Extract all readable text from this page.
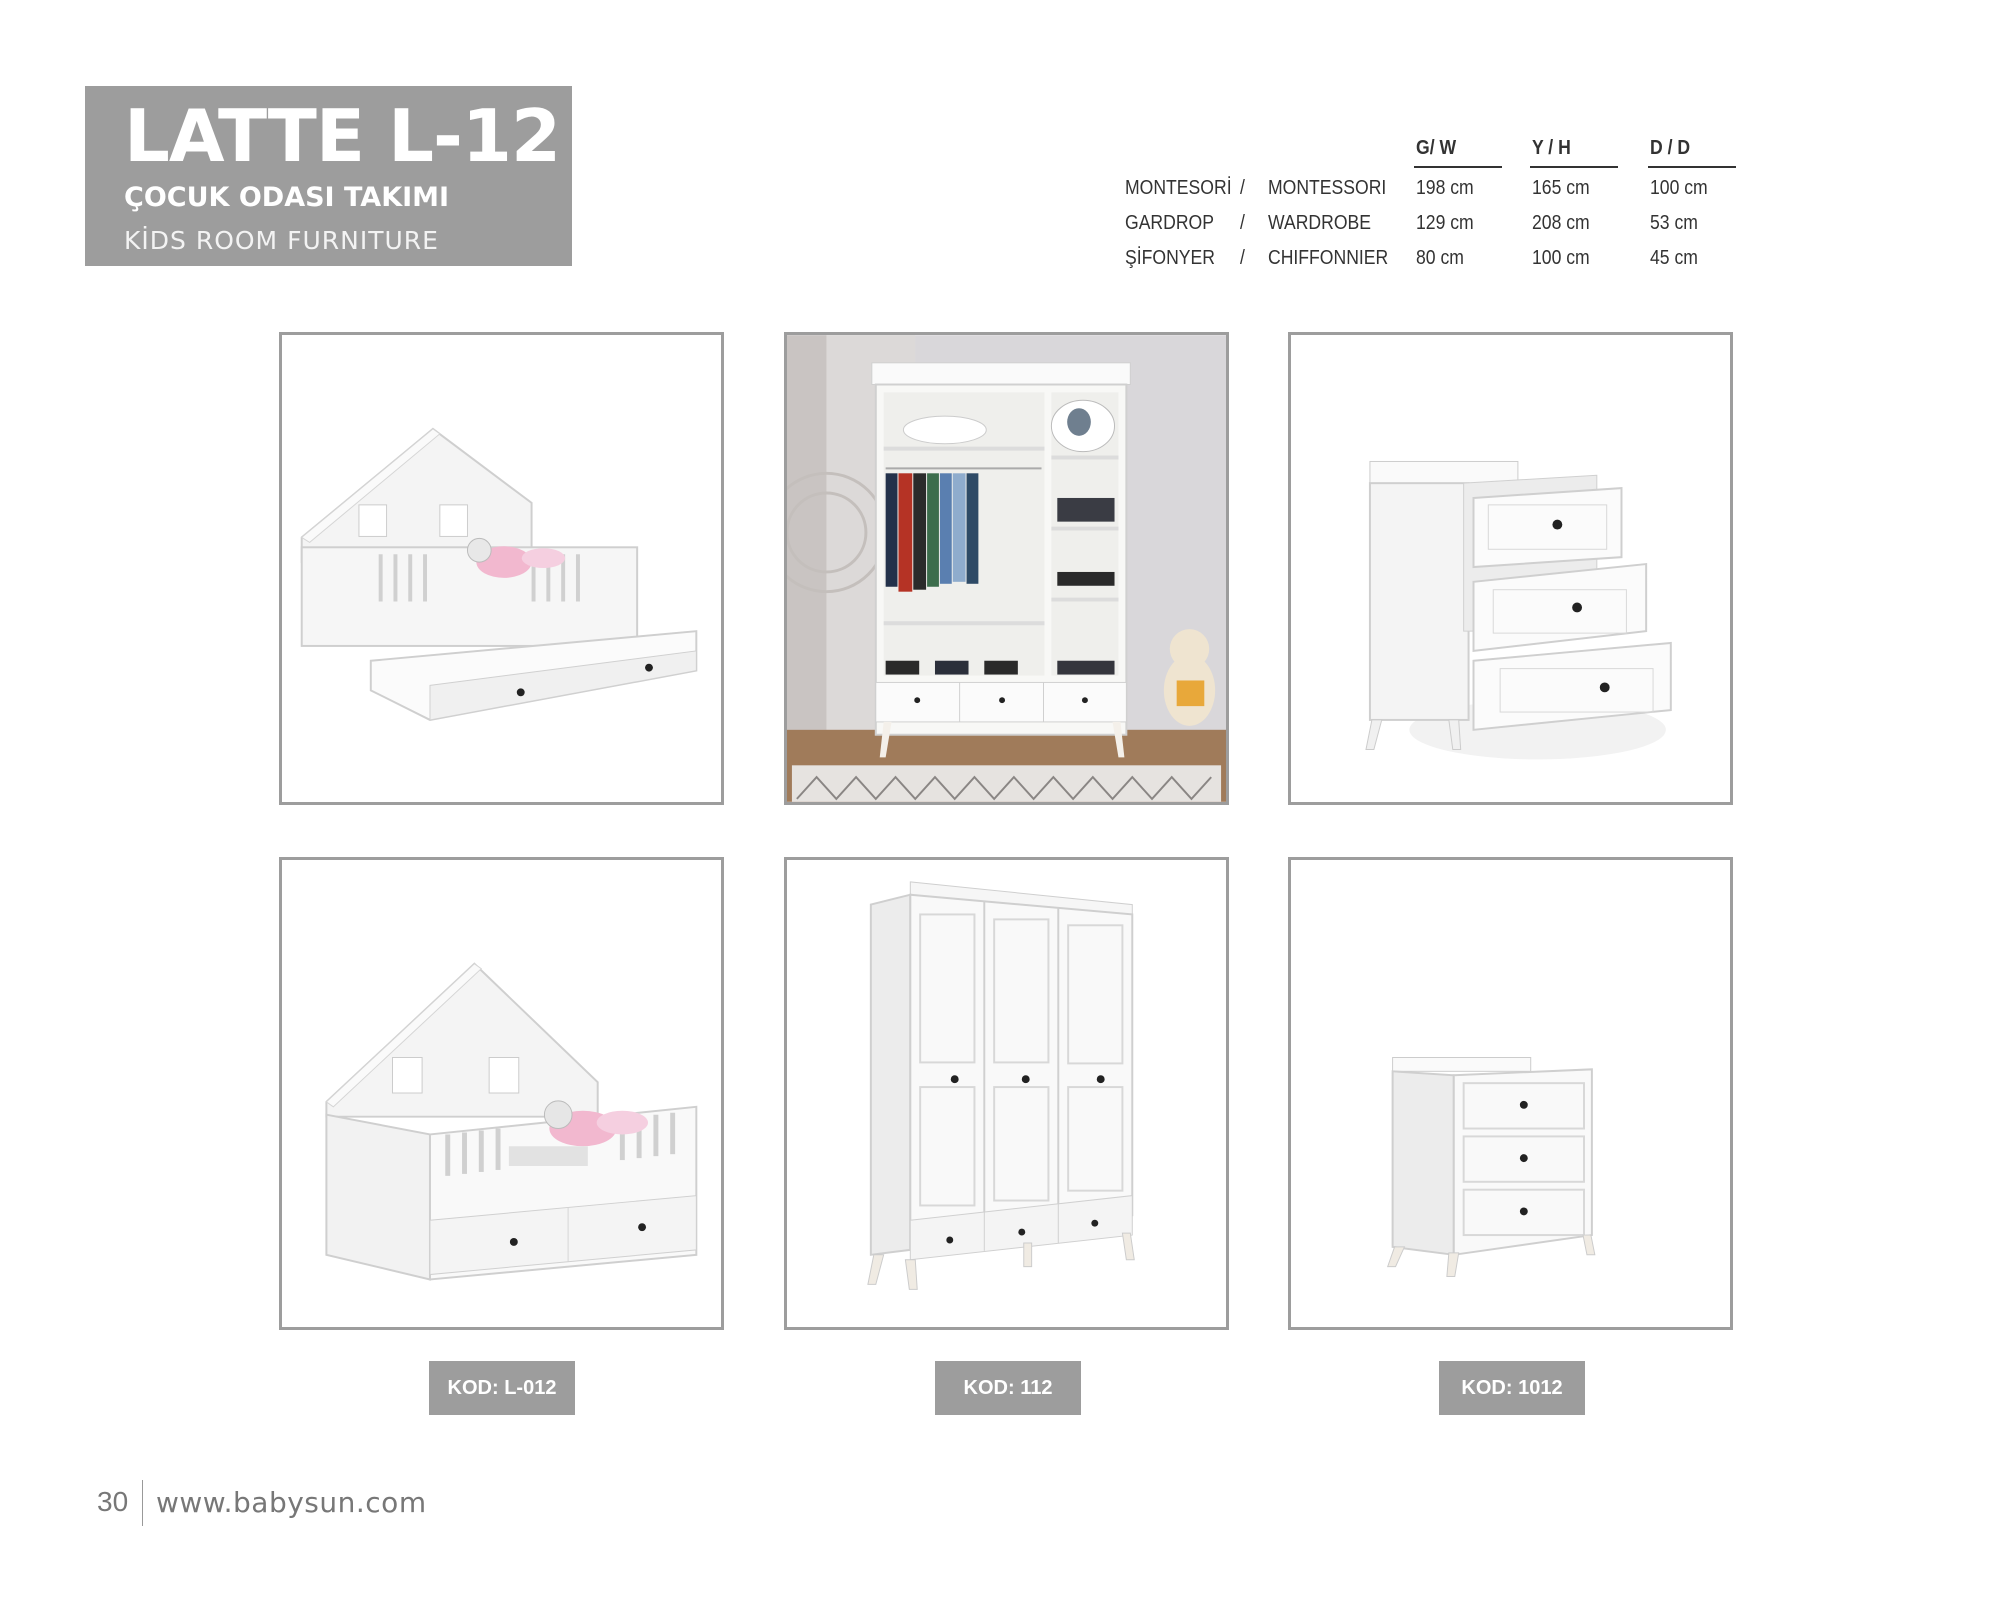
LATTE L-12
ÇOCUK ODASI TAKIMI
KİDS ROOM FURNITURE
G/ W	Y / H	D / D
MONTESORİ / MONTESSORI 198 cm	165 cm	100 cm
GARDROP / WARDROBE 129 cm	208 cm	53 cm
ŞİFONYER / CHIFFONNIER 80 cm	100 cm	45 cm
KOD: L-012	KOD: 112	KOD: 1012
30 www.babysun.com
